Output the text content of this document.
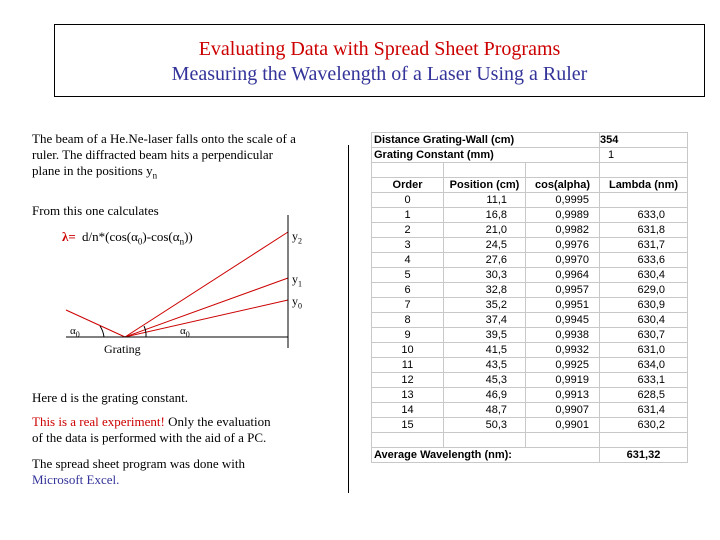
Evaluating Data with Spread Sheet Programs
Measuring the Wavelength of a Laser Using a Ruler
The beam of a He.Ne-laser falls onto the scale of a
ruler. The diffracted beam hits a perpendicular
plane in the positions $y_n$
From this one calculates
$\lambda= d/n*(\cos(\alpha_0)-\cos(\alpha_n))$	$y_2$
$y_1$
$y_0$
$\alpha_0$	$\alpha_0$
Grating
Here d is the grating constant.
This is a real experiment! Only the evaluation
of the data is performed with the aid of a PC.
The spread sheet program was done with
Microsoft Excel.
Distance Grating-Wall (cm)			354
Grating Constant (mm)			1

Order	Position (cm)	cos(alpha)	Lambda (nm)
0	11,1	0,9995	
1	16,8	0,9989	633,0
2	21,0	0,9982	631,8
3	24,5	0,9976	631,7
4	27,6	0,9970	633,6
5	30,3	0,9964	630,4
6	32,8	0,9957	629,0
7	35,2	0,9951	630,9
8	37,4	0,9945	630,4
9	39,5	0,9938	630,7
10	41,5	0,9932	631,0
11	43,5	0,9925	634,0
12	45,3	0,9919	633,1
13	46,9	0,9913	628,5
14	48,7	0,9907	631,4
15	50,3	0,9901	630,2

Average Wavelength (nm):			631,32
